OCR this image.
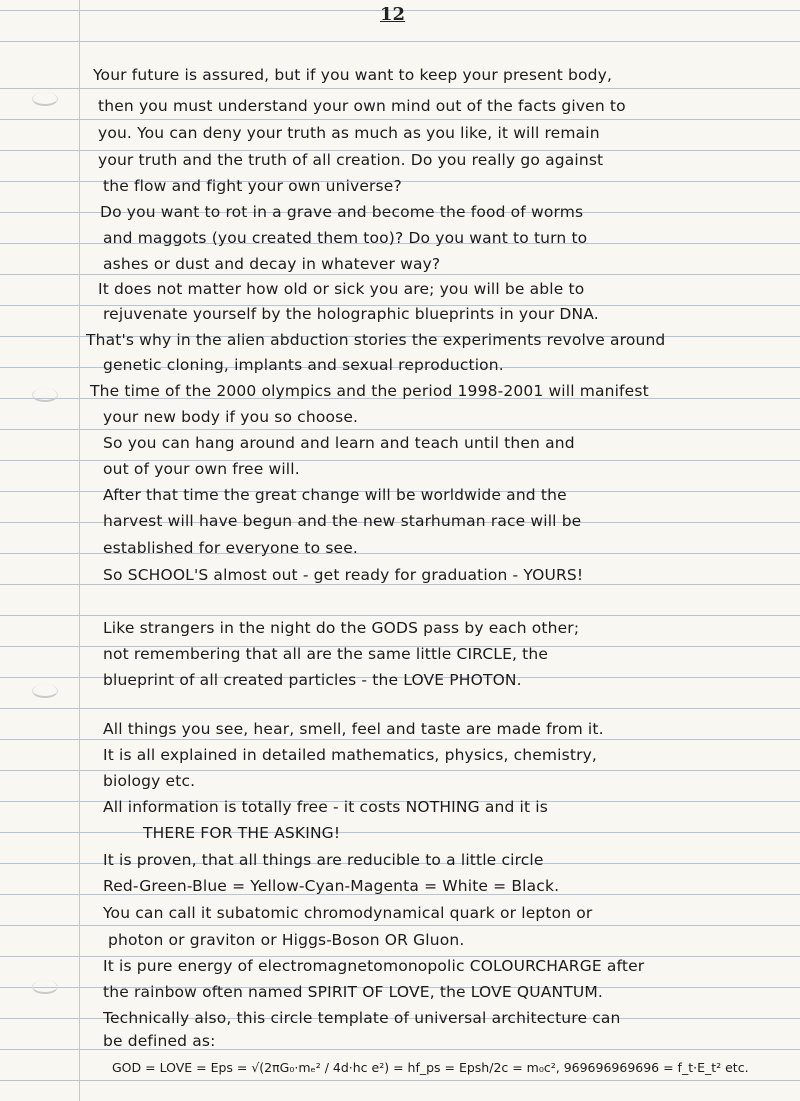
12
Your future is assured, but if you want to keep your present body,
then you must understand your own mind out of the facts given to
you. You can deny your truth as much as you like, it will remain
your truth and the truth of all creation. Do you really go against
the flow and fight your own universe?
Do you want to rot in a grave and become the food of worms
and maggots (you created them too)? Do you want to turn to
ashes or dust and decay in whatever way?
It does not matter how old or sick you are; you will be able to
rejuvenate yourself by the holographic blueprints in your DNA.
That's why in the alien abduction stories the experiments revolve around
genetic cloning, implants and sexual reproduction.
The time of the 2000 olympics and the period 1998-2001 will manifest
your new body if you so choose.
So you can hang around and learn and teach until then and
out of your own free will.
After that time the great change will be worldwide and the
harvest will have begun and the new starhuman race will be
established for everyone to see.
So SCHOOL'S almost out - get ready for graduation - YOURS!
Like strangers in the night do the GODS pass by each other;
not remembering that all are the same little CIRCLE, the
blueprint of all created particles - the LOVE PHOTON.
All things you see, hear, smell, feel and taste are made from it.
It is all explained in detailed mathematics, physics, chemistry,
biology etc.
All information is totally free - it costs NOTHING and it is
THERE FOR THE ASKING!
It is proven, that all things are reducible to a little circle
Red-Green-Blue = Yellow-Cyan-Magenta = White = Black.
You can call it subatomic chromodynamical quark or lepton or
photon or graviton or Higgs-Boson OR Gluon.
It is pure energy of electromagnetomonopolic COLOURCHARGE after
the rainbow often named SPIRIT OF LOVE, the LOVE QUANTUM.
Technically also, this circle template of universal architecture can
be defined as:
GOD = LOVE = Eps = √(2πG₀·mₑ² / 4d·hc e²) = hf_ps = Epsh/2c = m₀c², 969696969696 = f_t·E_t² etc.
